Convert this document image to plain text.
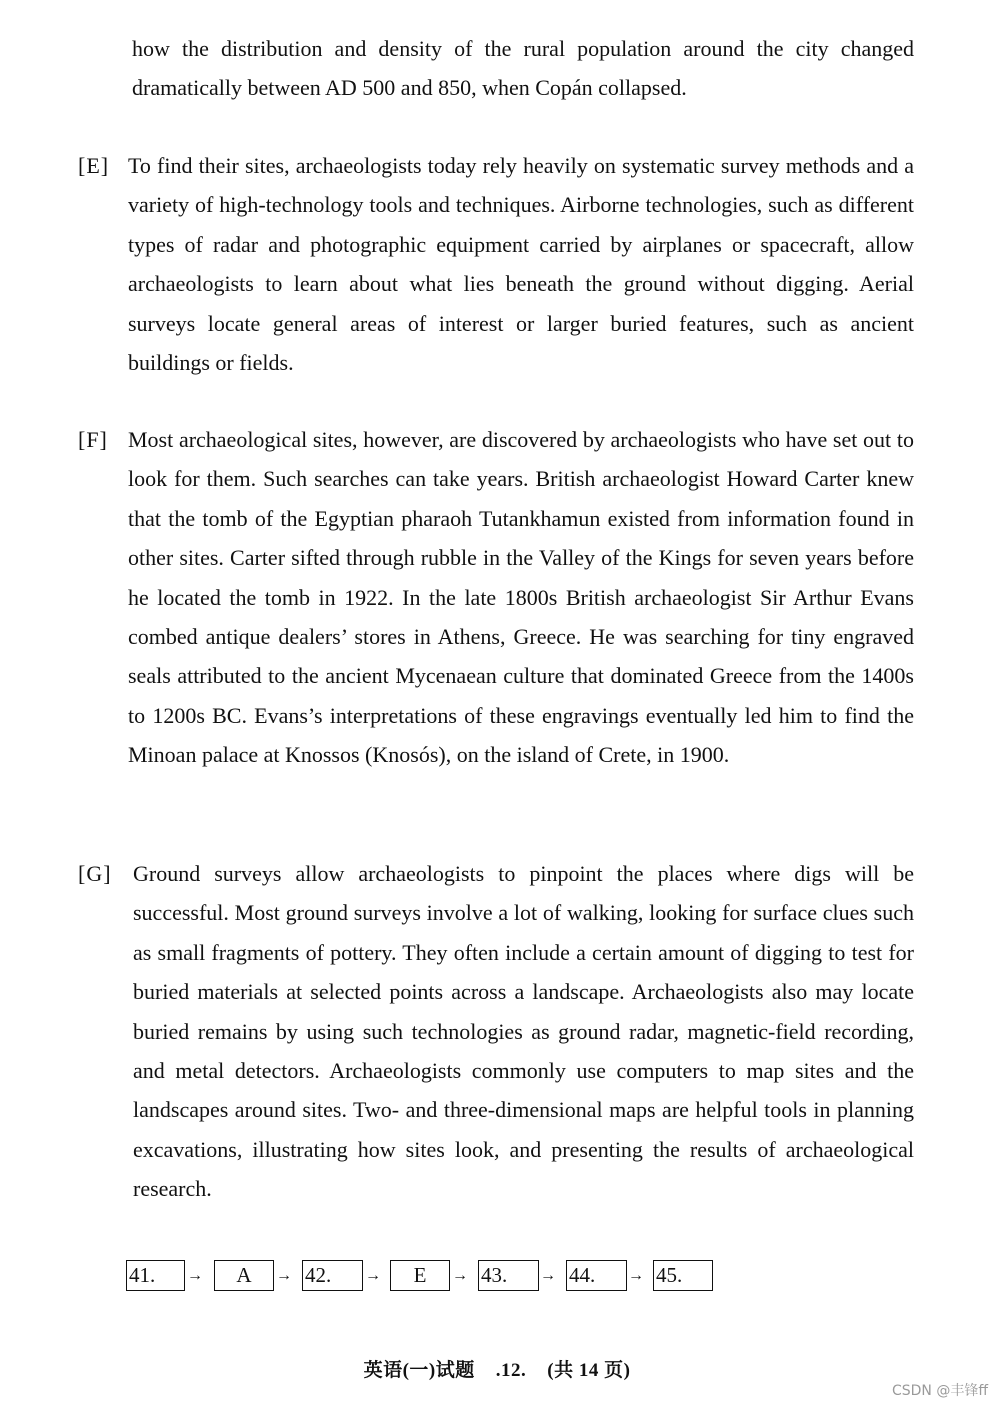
how the distribution and density of the rural population around the city changed dramatically between AD 500 and 850, when Copán collapsed.

[E] To find their sites, archaeologists today rely heavily on systematic survey methods and a variety of high-technology tools and techniques. Airborne technologies, such as different types of radar and photographic equipment carried by airplanes or spacecraft, allow archaeologists to learn about what lies beneath the ground without digging. Aerial surveys locate general areas of interest or larger buried features, such as ancient buildings or fields.

[F] Most archaeological sites, however, are discovered by archaeologists who have set out to look for them. Such searches can take years. British archaeologist Howard Carter knew that the tomb of the Egyptian pharaoh Tutankhamun existed from information found in other sites. Carter sifted through rubble in the Valley of the Kings for seven years before he located the tomb in 1922. In the late 1800s British archaeologist Sir Arthur Evans combed antique dealers’ stores in Athens, Greece. He was searching for tiny engraved seals attributed to the ancient Mycenaean culture that dominated Greece from the 1400s to 1200s BC. Evans’s interpretations of these engravings eventually led him to find the Minoan palace at Knossos (Knosós), on the island of Crete, in 1900.

[G] Ground surveys allow archaeologists to pinpoint the places where digs will be successful. Most ground surveys involve a lot of walking, looking for surface clues such as small fragments of pottery. They often include a certain amount of digging to test for buried materials at selected points across a landscape. Archaeologists also may locate buried remains by using such technologies as ground radar, magnetic-field recording, and metal detectors. Archaeologists commonly use computers to map sites and the landscapes around sites. Two- and three-dimensional maps are helpful tools in planning excavations, illustrating how sites look, and presenting the results of archaeological research.

41.	→	A	→ 42.	→	E	→ 43.	→ 44.	→ 45.
英语(一)试题 .12. (共 14 页)
CSDN @丰锋ff
